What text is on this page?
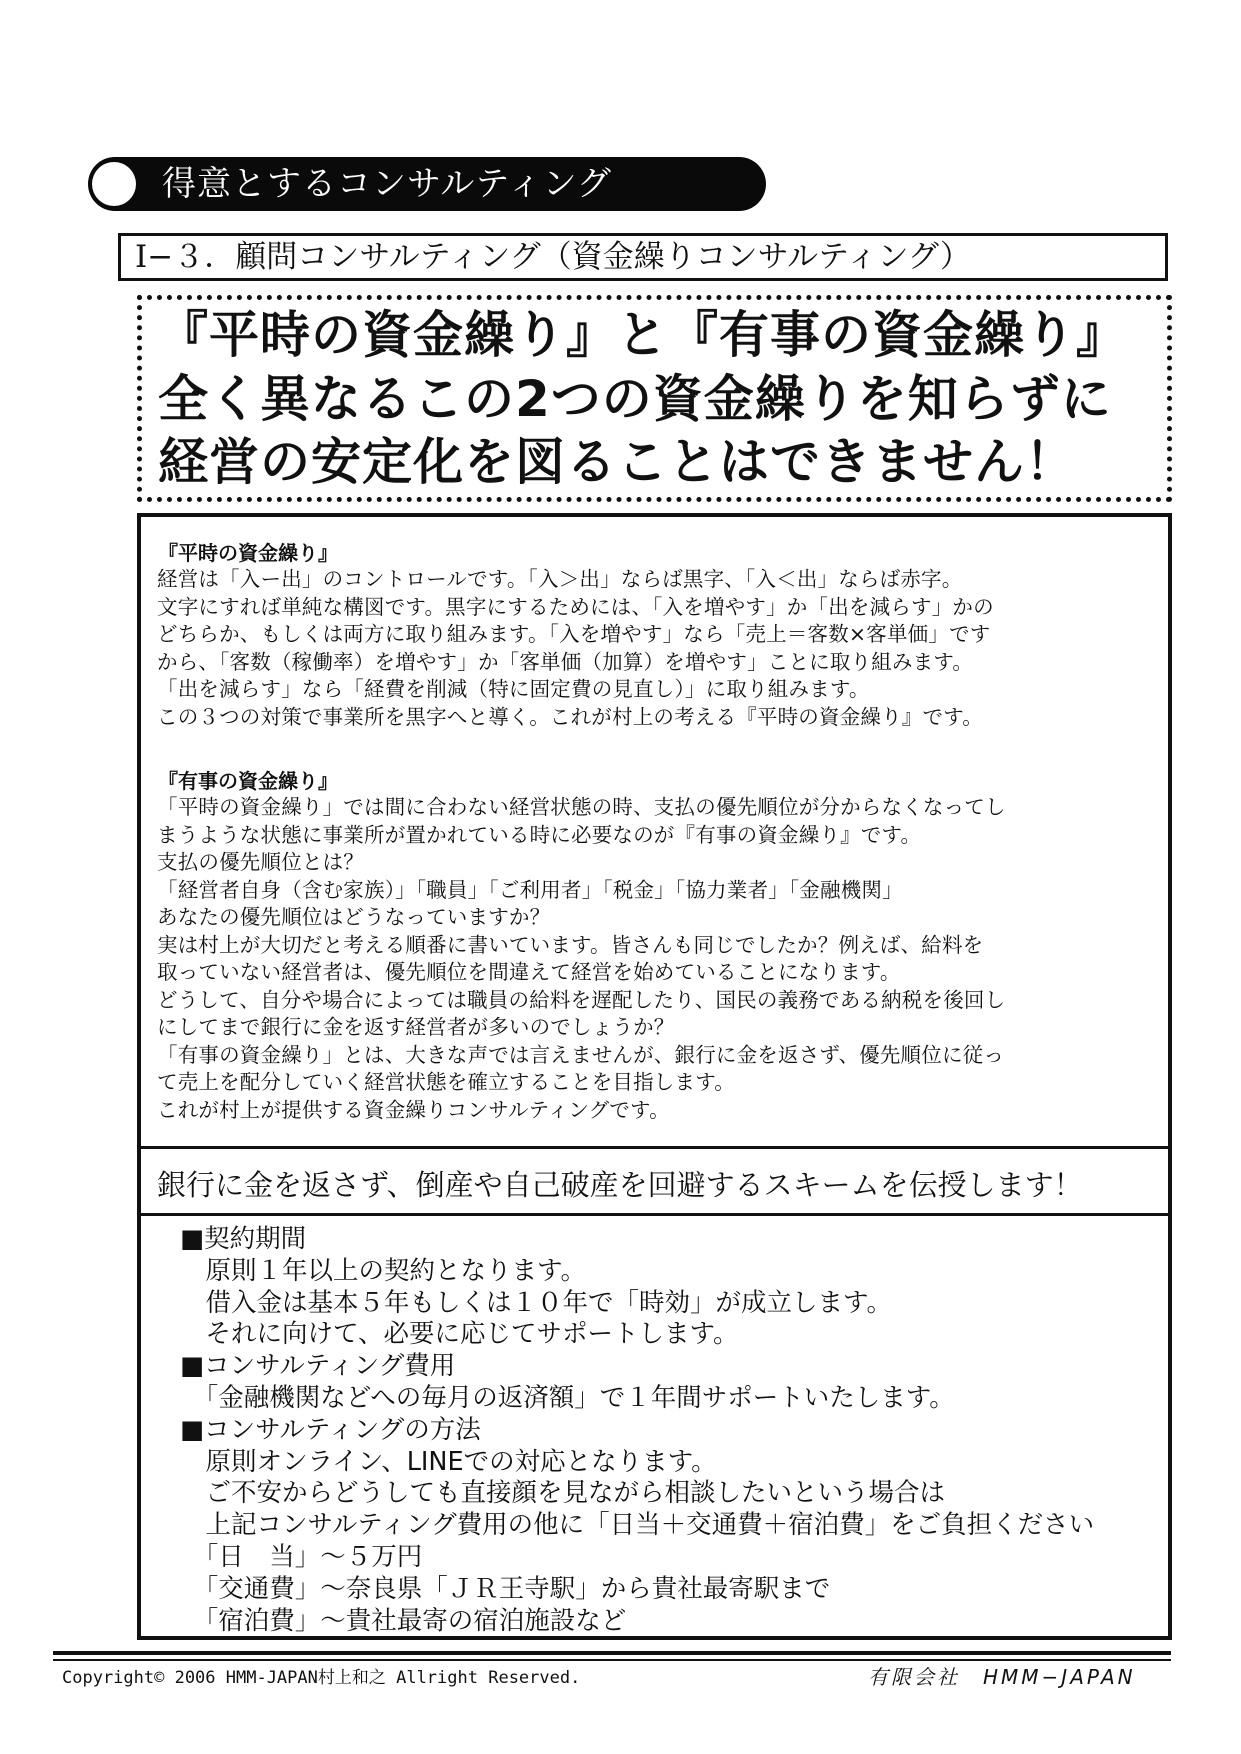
得意とするコンサルティング
Ⅰ−３．顧問コンサルティング（資金繰りコンサルティング）
『平時の資金繰り』と『有事の資金繰り』
全く異なるこの2つの資金繰りを知らずに
経営の安定化を図ることはできません！
『平時の資金繰り』
経営は「入ー出」のコントロールです。「入＞出」ならば黒字、「入＜出」ならば赤字。
文字にすれば単純な構図です。黒字にするためには、「入を増やす」か「出を減らす」かの
どちらか、もしくは両方に取り組みます。「入を増やす」なら「売上＝客数×客単価」です
から、「客数（稼働率）を増やす」か「客単価（加算）を増やす」ことに取り組みます。
「出を減らす」なら「経費を削減（特に固定費の見直し）」に取り組みます。
この３つの対策で事業所を黒字へと導く。これが村上の考える『平時の資金繰り』です。
『有事の資金繰り』
「平時の資金繰り」では間に合わない経営状態の時、支払の優先順位が分からなくなってし
まうような状態に事業所が置かれている時に必要なのが『有事の資金繰り』です。
支払の優先順位とは？
「経営者自身（含む家族）」「職員」「ご利用者」「税金」「協力業者」「金融機関」
あなたの優先順位はどうなっていますか？
実は村上が大切だと考える順番に書いています。皆さんも同じでしたか？例えば、給料を
取っていない経営者は、優先順位を間違えて経営を始めていることになります。
どうして、自分や場合によっては職員の給料を遅配したり、国民の義務である納税を後回し
にしてまで銀行に金を返す経営者が多いのでしょうか？
「有事の資金繰り」とは、大きな声では言えませんが、銀行に金を返さず、優先順位に従っ
て売上を配分していく経営状態を確立することを目指します。
これが村上が提供する資金繰りコンサルティングです。
銀行に金を返さず、倒産や自己破産を回避するスキームを伝授します！
■契約期間
　原則１年以上の契約となります。
　借入金は基本５年もしくは１０年で「時効」が成立します。
　それに向けて、必要に応じてサポートします。
■コンサルティング費用
　「金融機関などへの毎月の返済額」で１年間サポートいたします。
■コンサルティングの方法
　原則オンライン、LINEでの対応となります。
　ご不安からどうしても直接顔を見ながら相談したいという場合は
　上記コンサルティング費用の他に「日当＋交通費＋宿泊費」をご負担ください
　「日　当」〜５万円
　「交通費」〜奈良県「ＪＲ王寺駅」から貴社最寄駅まで
　「宿泊費」〜貴社最寄の宿泊施設など
Copyright© 2006 HMM-JAPAN村上和之 Allright Reserved.	有限会社　HMM−JAPAN
